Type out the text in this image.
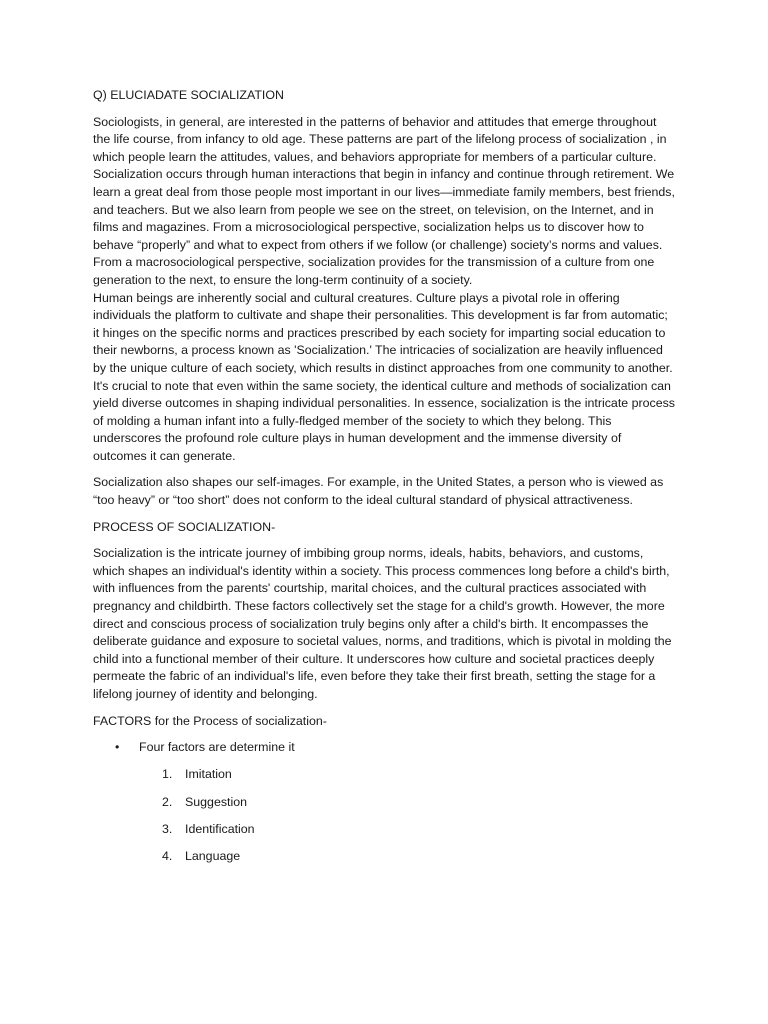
Q) ELUCIADATE SOCIALIZATION
Sociologists, in general, are interested in the patterns of behavior and attitudes that emerge throughout the life course, from infancy to old age. These patterns are part of the lifelong process of socialization , in which people learn the attitudes, values, and behaviors appropriate for members of a particular culture. Socialization occurs through human interactions that begin in infancy and continue through retirement. We learn a great deal from those people most important in our lives—immediate family members, best friends, and teachers. But we also learn from people we see on the street, on television, on the Internet, and in films and magazines. From a microsociological perspective, socialization helps us to discover how to behave “properly” and what to expect from others if we follow (or challenge) society’s norms and values. From a macrosociological perspective, socialization provides for the transmission of a culture from one generation to the next, to ensure the long-term continuity of a society.
Human beings are inherently social and cultural creatures. Culture plays a pivotal role in offering individuals the platform to cultivate and shape their personalities. This development is far from automatic; it hinges on the specific norms and practices prescribed by each society for imparting social education to their newborns, a process known as 'Socialization.' The intricacies of socialization are heavily influenced by the unique culture of each society, which results in distinct approaches from one community to another. It's crucial to note that even within the same society, the identical culture and methods of socialization can yield diverse outcomes in shaping individual personalities. In essence, socialization is the intricate process of molding a human infant into a fully-fledged member of the society to which they belong. This underscores the profound role culture plays in human development and the immense diversity of outcomes it can generate.
Socialization also shapes our self-images. For example, in the United States, a person who is viewed as “too heavy” or “too short” does not conform to the ideal cultural standard of physical attractiveness.
PROCESS OF SOCIALIZATION-
Socialization is the intricate journey of imbibing group norms, ideals, habits, behaviors, and customs, which shapes an individual's identity within a society. This process commences long before a child's birth, with influences from the parents' courtship, marital choices, and the cultural practices associated with pregnancy and childbirth. These factors collectively set the stage for a child's growth. However, the more direct and conscious process of socialization truly begins only after a child's birth. It encompasses the deliberate guidance and exposure to societal values, norms, and traditions, which is pivotal in molding the child into a functional member of their culture. It underscores how culture and societal practices deeply permeate the fabric of an individual's life, even before they take their first breath, setting the stage for a lifelong journey of identity and belonging.
FACTORS for the Process of socialization-
• Four factors are determine it
1. Imitation
2. Suggestion
3. Identification
4. Language
